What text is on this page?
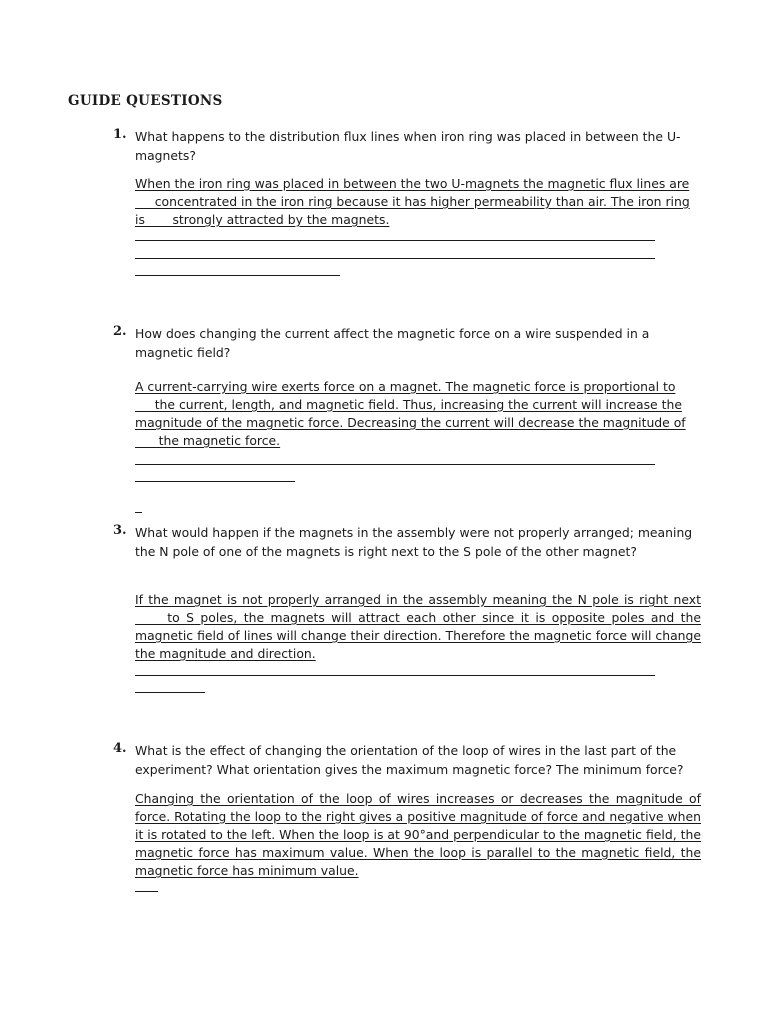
GUIDE QUESTIONS
1. What happens to the distribution flux lines when iron ring was placed in between the U-magnets?
When the iron ring was placed in between the two U-magnets the magnetic flux lines are      concentrated in the iron ring because it has higher permeability than air. The iron ring is       strongly attracted by the magnets.
2. How does changing the current affect the magnetic force on a wire suspended in a magnetic field?
A current-carrying wire exerts force on a magnet. The magnetic force is proportional to      the current, length, and magnetic field. Thus, increasing the current will increase the magnitude of the magnetic force. Decreasing the current will decrease the magnitude of       the magnetic force.
3. What would happen if the magnets in the assembly were not properly arranged; meaning the N pole of one of the magnets is right next to the S pole of the other magnet?
If the magnet is not properly arranged in the assembly meaning the N pole is right next      to S poles, the magnets will attract each other since it is opposite poles and the magnetic field of lines will change their direction. Therefore the magnetic force will change the magnitude and direction.
4. What is the effect of changing the orientation of the loop of wires in the last part of the experiment? What orientation gives the maximum magnetic force? The minimum force?
Changing the orientation of the loop of wires increases or decreases the magnitude of force. Rotating the loop to the right gives a positive magnitude of force and negative when it is rotated to the left. When the loop is at 90°and perpendicular to the magnetic field, the magnetic force has maximum value. When the loop is parallel to the magnetic field, the magnetic force has minimum value.
